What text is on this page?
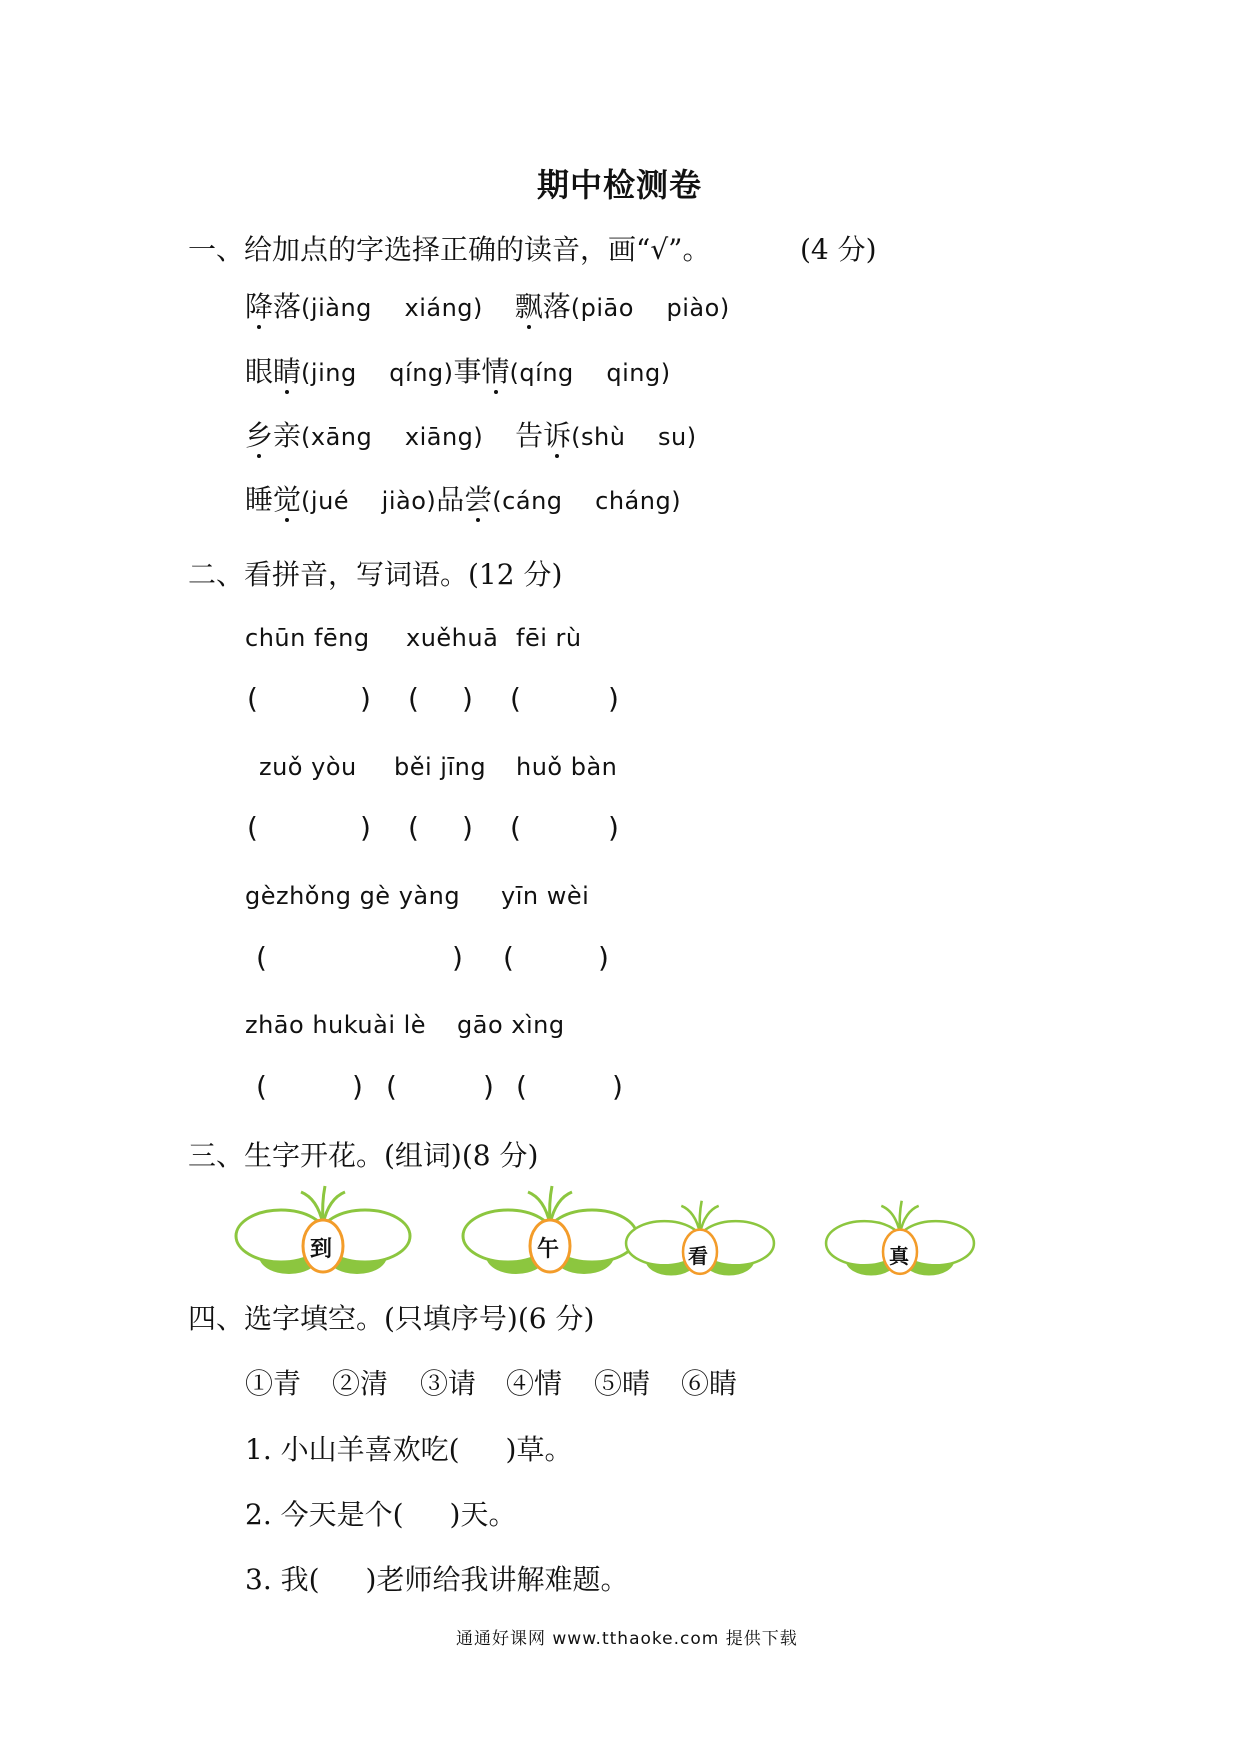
期中检测卷
一、给加点的字选择正确的读音，画“√”。	(4 分)
降落(jiàng　 xiáng) 飘落(piāo　 piào)
眼睛(jing　 qíng)事情(qíng　 qing)
乡亲(xāng　 xiāng) 告诉(shù　 su)
睡觉(jué　 jiào)品尝(cáng　 cháng)
二、看拼音，写词语。(12 分)
chūn fēng xuěhuā fēi rù
(	) ( ) (	)
zuǒ yòu běi jīng huǒ bàn
(	) ( ) (	)
gèzhǒng gè yàng yīn wèi
(	) (	)
zhāo hukuài lè gāo xìng
(	) (	) (	)
三、生字开花。(组词)(8 分)
到	午	看	真
四、选字填空。(只填序号)(6 分)
①青 ②清 ③请 ④情 ⑤晴 ⑥睛
1. 小山羊喜欢吃( )草。
2. 今天是个( )天。
3. 我( )老师给我讲解难题。
通通好课网 www.tthaoke.com 提供下载
